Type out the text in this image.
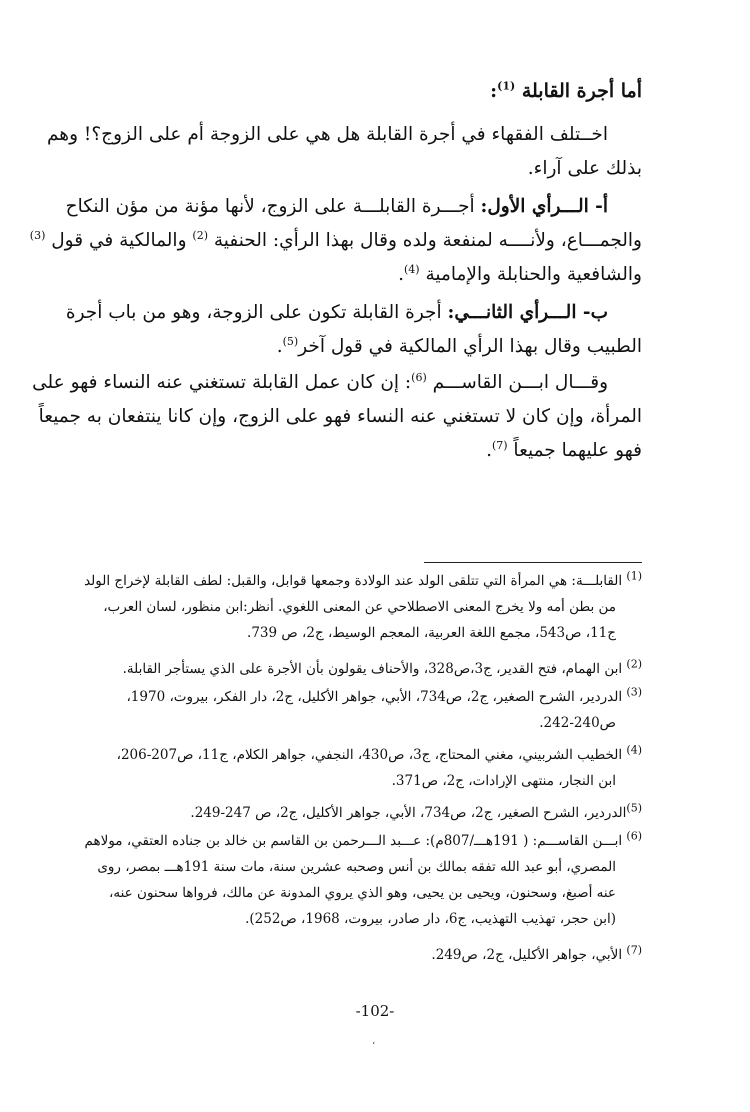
أما أجرة القابلة $^{(1)}$:
اخــتلف الفقهاء في أجرة القابلة هل هي على الزوجة أم على الزوج؟! وهم
بذلك على آراء.
أ- الـــرأي الأول: أجـــرة القابلـــة على الزوج، لأنها مؤنة من مؤن النكاح
والجمـــاع، ولأنــــه لمنفعة ولده وقال بهذا الرأي: الحنفية $^{(2)}$ والمالكية في قول $^{(3)}$
والشافعية والحنابلة والإمامية $^{(4)}$.
ب- الـــرأي الثانـــي: أجرة القابلة تكون على الزوجة، وهو من باب أجرة
الطبيب وقال بهذا الرأي المالكية في قول آخر$^{(5)}$.
وقـــال ابـــن القاســـم $^{(6)}$: إن كان عمل القابلة تستغني عنه النساء فهو على
المرأة، وإن كان لا تستغني عنه النساء فهو على الزوج، وإن كانا ينتفعان به جميعاً
فهو عليهما جميعاً $^{(7)}$.
$^{(1)}$ القابلـــة: هي المرأة التي تتلقى الولد عند الولادة وجمعها قوابل، والقبل: لطف القابلة لإخراج الولد
من بطن أمه ولا يخرج المعنى الاصطلاحي عن المعنى اللغوي. أنظر:ابن منظور، لسان العرب،
ج11، ص543، مجمع اللغة العربية، المعجم الوسيط، ج2، ص 739.
$^{(2)}$ ابن الهمام، فتح القدير، ج3،ص328، والأحناف يقولون بأن الأجرة على الذي يستأجر القابلة.
$^{(3)}$ الدردير، الشرح الصغير، ج2، ص734، الأبي، جواهر الأكليل، ج2، دار الفكر، بيروت، 1970،
ص240-242.
$^{(4)}$ الخطيب الشربيني، مغني المحتاج، ج3، ص430، النجفي، جواهر الكلام، ج11، ص207-206،
ابن النجار، منتهى الإرادات، ج2، ص371.
$^{(5)}$الدردير، الشرح الصغير، ج2، ص734، الأبي، جواهر الأكليل، ج2، ص 247-249.
$^{(6)}$ ابـــن القاســـم: ( 191هـــ/807م): عـــبد الـــرحمن بن القاسم بن خالد بن جناده العتقي، مولاهم
المصري، أبو عبد الله تفقه بمالك بن أنس وصحبه عشرين سنة، مات سنة 191هـــ بمصر، روى
عنه أصبغ، وسحنون، ويحيى بن يحيى، وهو الذي يروي المدونة عن مالك، فرواها سحنون عنه،
(ابن حجر، تهذيب التهذيب، ج6، دار صادر، بيروت، 1968، ص252).
$^{(7)}$ الأبي، جواهر الأكليل، ج2، ص249.
-102-
،
